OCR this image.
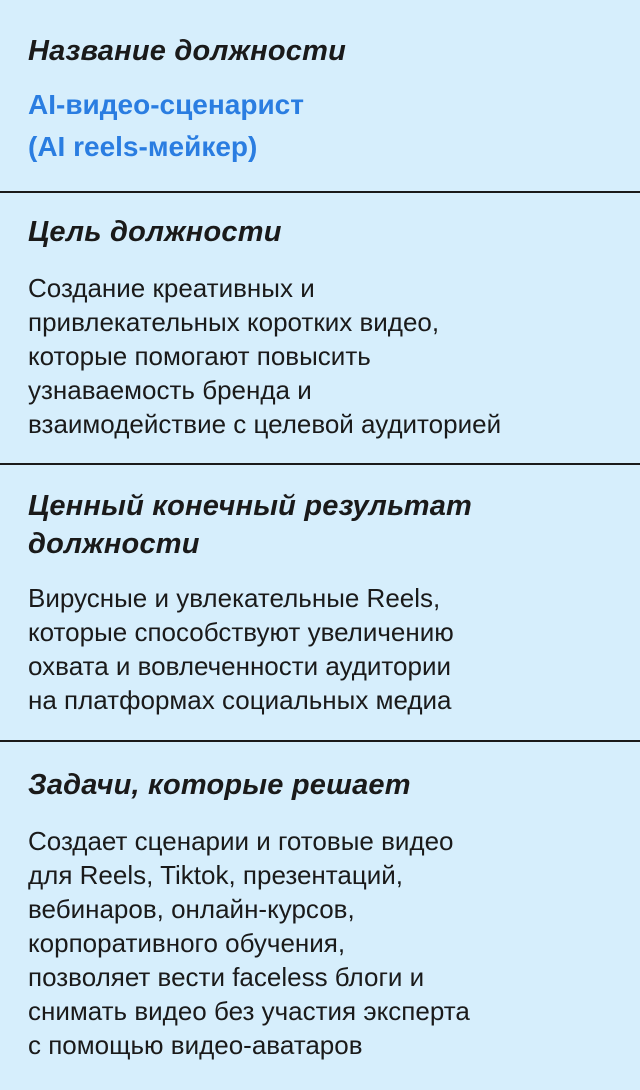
Название должности

AI-видео-сценарист
(AI reels-мейкер)

Цель должности

Создание креативных и
привлекательных коротких видео,
которые помогают повысить
узнаваемость бренда и
взаимодействие с целевой аудиторией

Ценный конечный результат
должности

Вирусные и увлекательные Reels,
которые способствуют увеличению
охвата и вовлеченности аудитории
на платформах социальных медиа

Задачи, которые решает

Создает сценарии и готовые видео
для Reels, Tiktok, презентаций,
вебинаров, онлайн-курсов,
корпоративного обучения,
позволяет вести faceless блоги и
снимать видео без участия эксперта
с помощью видео-аватаров
